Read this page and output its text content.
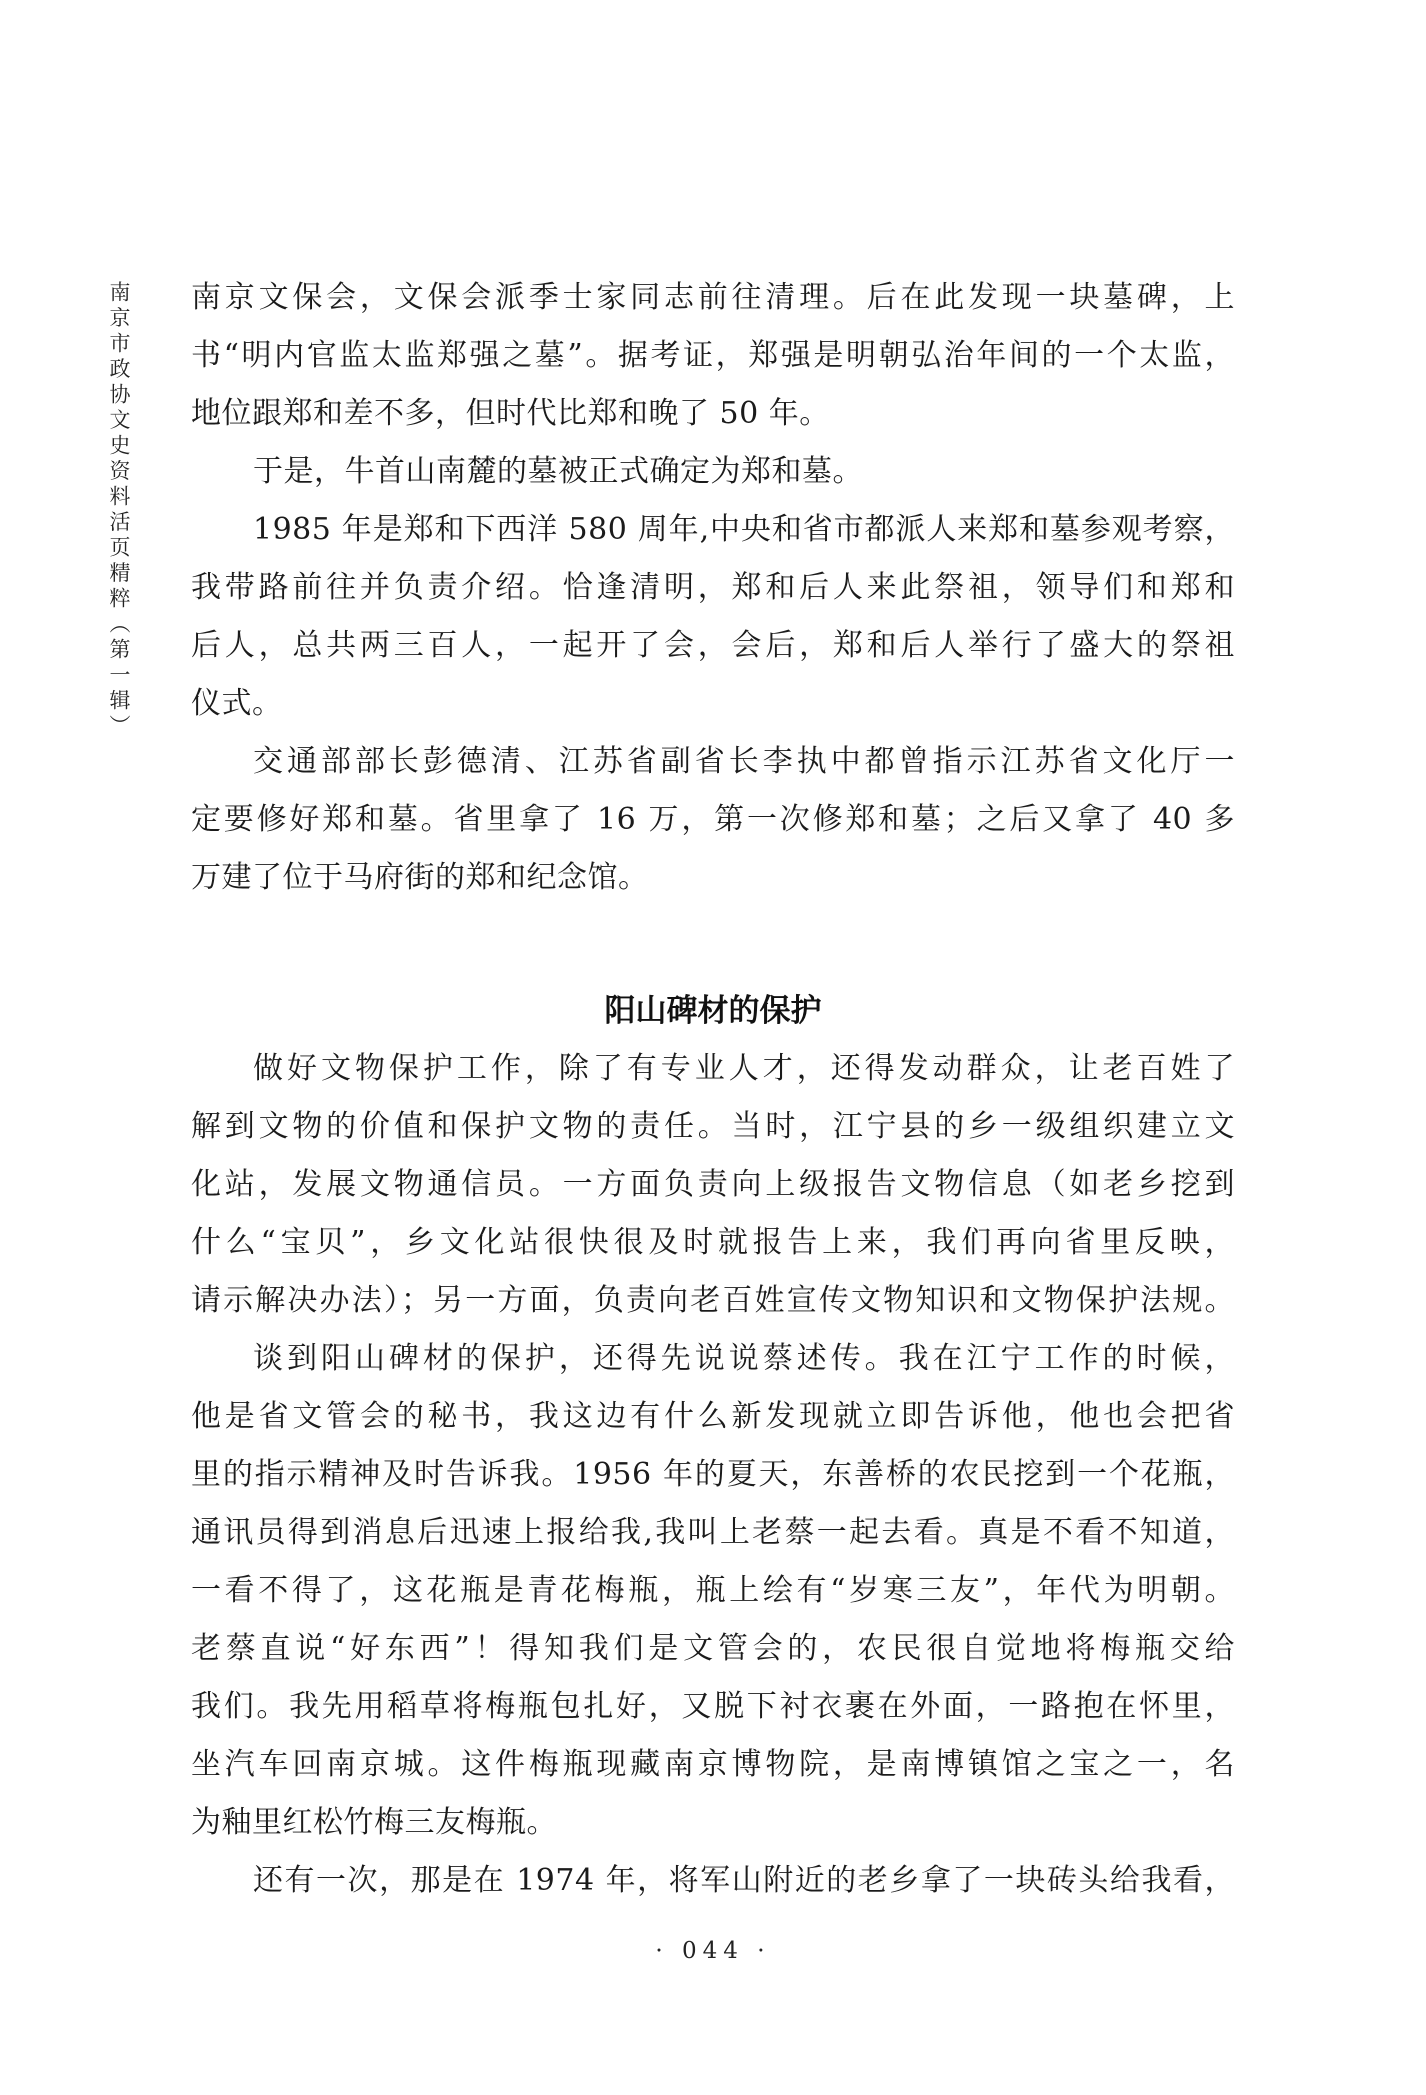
南京市政协文史资料活页精粹（第一辑） 南京文保会，文保会派季士家同志前往清理。后在此发现一块墓碑，上
书“明内官监太监郑强之墓”。据考证，郑强是明朝弘治年间的一个太监，
地位跟郑和差不多，但时代比郑和晚了 50 年。
于是，牛首山南麓的墓被正式确定为郑和墓。
1985 年是郑和下西洋 580 周年,中央和省市都派人来郑和墓参观考察，
我带路前往并负责介绍。恰逢清明，郑和后人来此祭祖，领导们和郑和
后人，总共两三百人，一起开了会，会后，郑和后人举行了盛大的祭祖
仪式。
交通部部长彭德清、江苏省副省长李执中都曾指示江苏省文化厅一
定要修好郑和墓。省里拿了 16 万，第一次修郑和墓；之后又拿了 40 多
万建了位于马府街的郑和纪念馆。
阳山碑材的保护
做好文物保护工作，除了有专业人才，还得发动群众，让老百姓了
解到文物的价值和保护文物的责任。当时，江宁县的乡一级组织建立文
化站，发展文物通信员。一方面负责向上级报告文物信息（如老乡挖到
什么“宝贝”，乡文化站很快很及时就报告上来，我们再向省里反映，
请示解决办法）；另一方面，负责向老百姓宣传文物知识和文物保护法规。
谈到阳山碑材的保护，还得先说说蔡述传。我在江宁工作的时候，
他是省文管会的秘书，我这边有什么新发现就立即告诉他，他也会把省
里的指示精神及时告诉我。1956 年的夏天，东善桥的农民挖到一个花瓶，
通讯员得到消息后迅速上报给我,我叫上老蔡一起去看。真是不看不知道，
一看不得了，这花瓶是青花梅瓶，瓶上绘有“岁寒三友”，年代为明朝。
老蔡直说“好东西”！得知我们是文管会的，农民很自觉地将梅瓶交给
我们。我先用稻草将梅瓶包扎好，又脱下衬衣裹在外面，一路抱在怀里，
坐汽车回南京城。这件梅瓶现藏南京博物院，是南博镇馆之宝之一，名
为釉里红松竹梅三友梅瓶。
还有一次，那是在 1974 年，将军山附近的老乡拿了一块砖头给我看，
· 044 ·
